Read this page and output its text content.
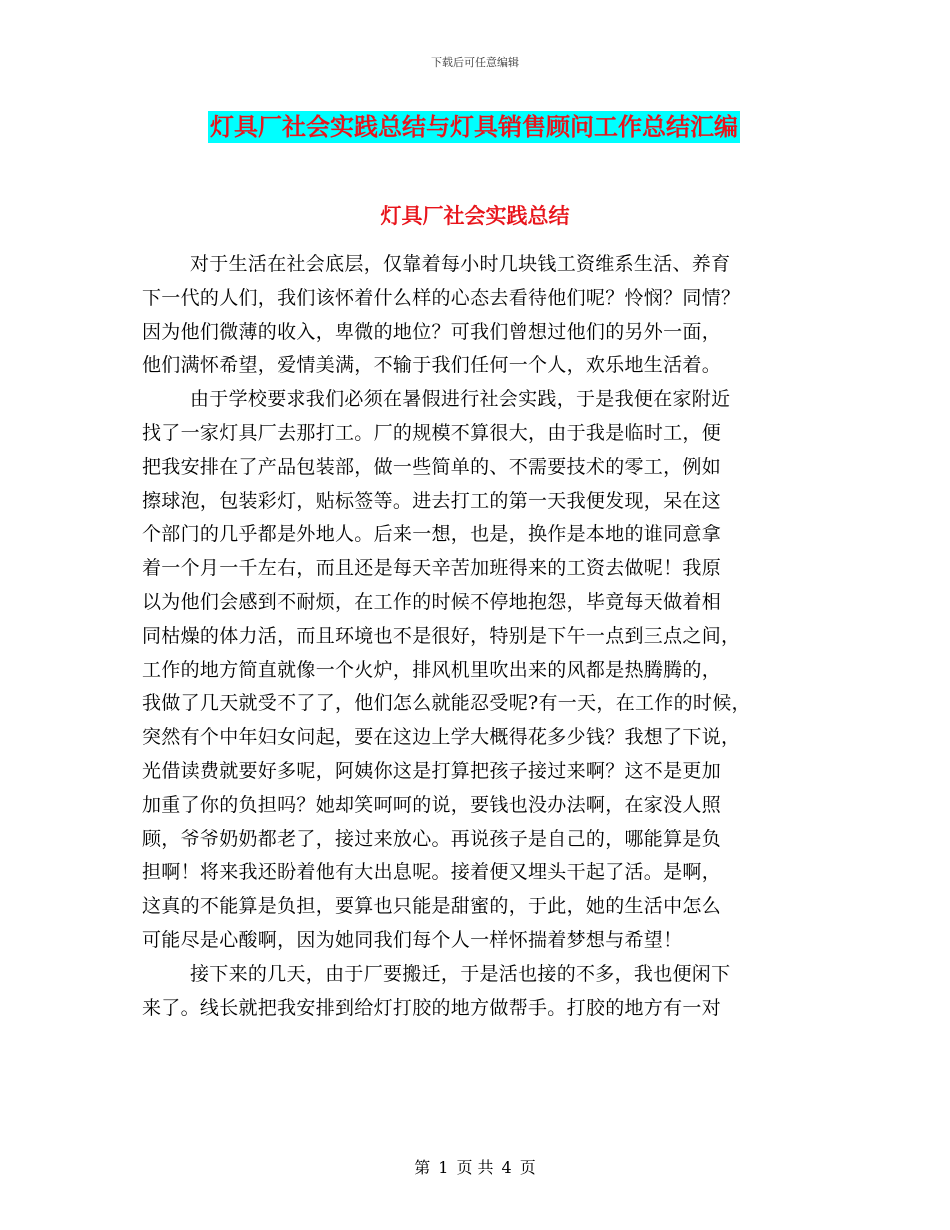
下载后可任意编辑
灯具厂社会实践总结与灯具销售顾问工作总结汇编
灯具厂社会实践总结
对于生活在社会底层，仅靠着每小时几块钱工资维系生活、养育
下一代的人们，我们该怀着什么样的心态去看待他们呢？怜悯？同情？
因为他们微薄的收入，卑微的地位？可我们曾想过他们的另外一面，
他们满怀希望，爱情美满，不输于我们任何一个人，欢乐地生活着。
由于学校要求我们必须在暑假进行社会实践，于是我便在家附近
找了一家灯具厂去那打工。厂的规模不算很大，由于我是临时工，便
把我安排在了产品包装部，做一些简单的、不需要技术的零工，例如
擦球泡，包装彩灯，贴标签等。进去打工的第一天我便发现，呆在这
个部门的几乎都是外地人。后来一想，也是，换作是本地的谁同意拿
着一个月一千左右，而且还是每天辛苦加班得来的工资去做呢！我原
以为他们会感到不耐烦，在工作的时候不停地抱怨，毕竟每天做着相
同枯燥的体力活，而且环境也不是很好，特别是下午一点到三点之间，
工作的地方简直就像一个火炉，排风机里吹出来的风都是热腾腾的，
我做了几天就受不了了，他们怎么就能忍受呢?有一天，在工作的时候，
突然有个中年妇女问起，要在这边上学大概得花多少钱？我想了下说，
光借读费就要好多呢，阿姨你这是打算把孩子接过来啊？这不是更加
加重了你的负担吗？她却笑呵呵的说，要钱也没办法啊，在家没人照
顾，爷爷奶奶都老了，接过来放心。再说孩子是自己的，哪能算是负
担啊！将来我还盼着他有大出息呢。接着便又埋头干起了活。是啊，
这真的不能算是负担，要算也只能是甜蜜的，于此，她的生活中怎么
可能尽是心酸啊，因为她同我们每个人一样怀揣着梦想与希望！
接下来的几天，由于厂要搬迁，于是活也接的不多，我也便闲下
来了。线长就把我安排到给灯打胶的地方做帮手。打胶的地方有一对
第 1 页 共 4 页
